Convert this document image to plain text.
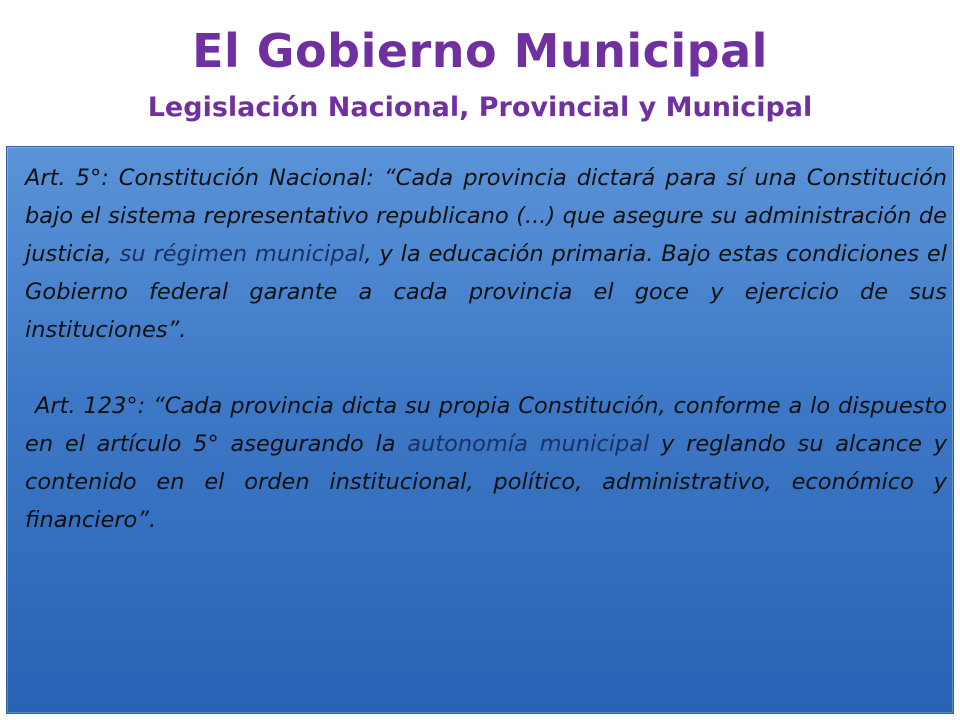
El Gobierno Municipal
Legislación Nacional, Provincial y Municipal

Art. 5°: Constitución Nacional: “Cada provincia dictará para sí una Constitución bajo el sistema representativo republicano (...) que asegure su administración de justicia, su régimen municipal, y la educación primaria. Bajo estas condiciones el Gobierno federal garante a cada provincia el goce y ejercicio de sus instituciones”.

Art. 123°: “Cada provincia dicta su propia Constitución, conforme a lo dispuesto en el artículo 5° asegurando la autonomía municipal y reglando su alcance y contenido en el orden institucional, político, administrativo, económico y financiero”.
